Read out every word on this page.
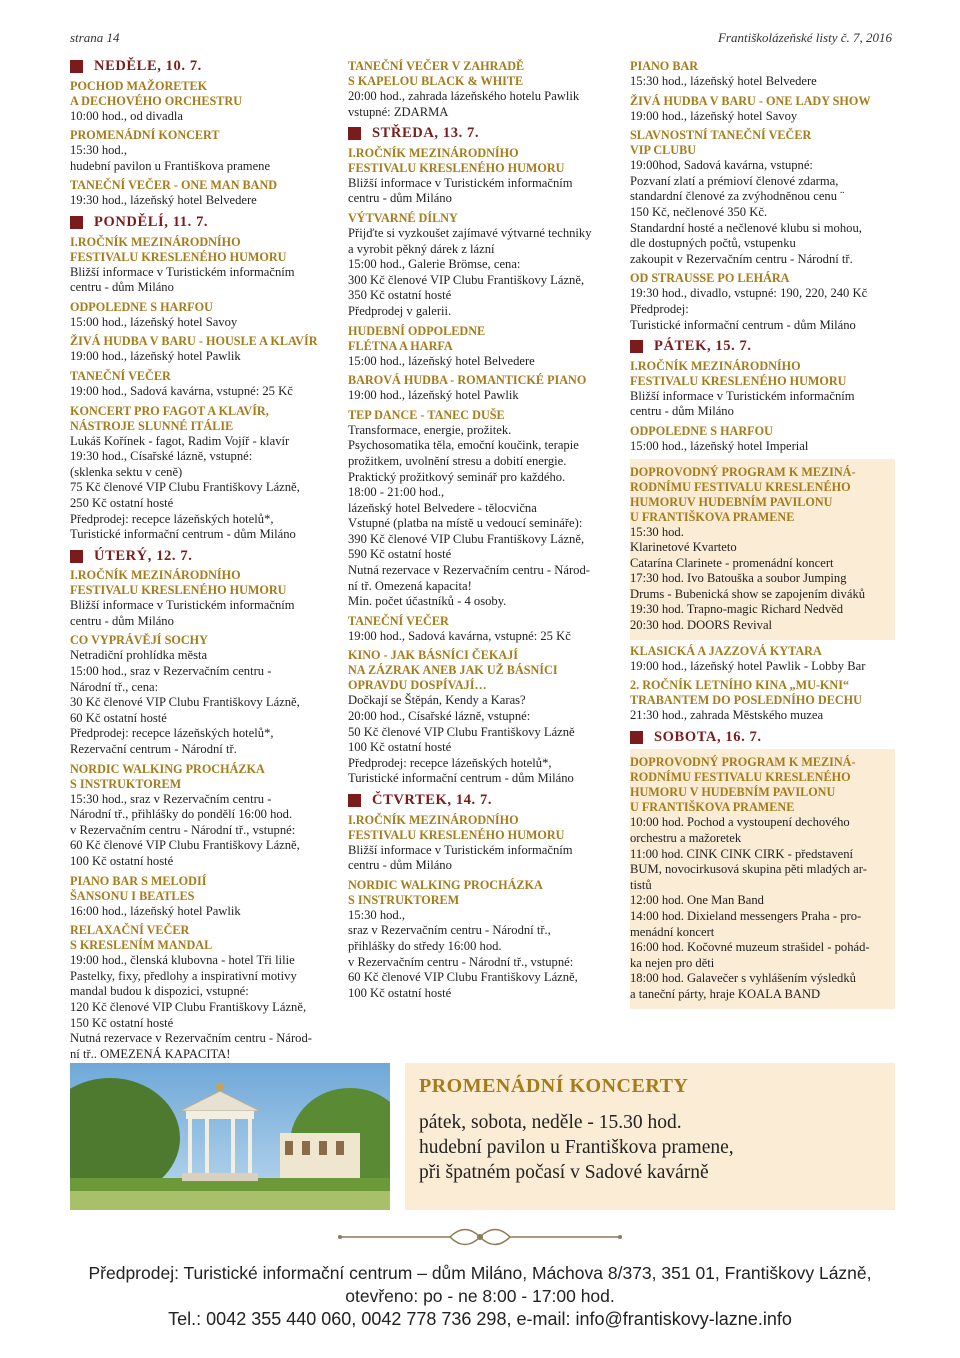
strana 14	Františkolázeňské listy č. 7, 2016
NEDĚLE, 10. 7.
POCHOD MAŽORETEK
A DECHOVÉHO ORCHESTRU
10:00 hod., od divadla
PROMENÁDNÍ KONCERT
15:30 hod.,
hudební pavilon u Františkova pramene
TANEČNÍ VEČER - ONE MAN BAND
19:30 hod., lázeňský hotel Belvedere
PONDĚLÍ, 11. 7.
I.ROČNÍK MEZINÁRODNÍHO
FESTIVALU KRESLENÉHO HUMORU
Bližší informace v Turistickém informačním
centru - dům Miláno
ODPOLEDNE S HARFOU
15:00 hod., lázeňský hotel Savoy
ŽIVÁ HUDBA V BARU - HOUSLE A KLAVÍR
19:00 hod., lázeňský hotel Pawlik
TANEČNÍ VEČER
19:00 hod., Sadová kavárna, vstupné: 25 Kč
KONCERT PRO FAGOT A KLAVÍR,
NÁSTROJE SLUNNÉ ITÁLIE
Lukáš Kořínek - fagot, Radim Vojíř - klavír
19:30 hod., Císařské lázně, vstupné:
(sklenka sektu v ceně)
75 Kč členové VIP Clubu Františkovy Lázně,
250 Kč ostatní hosté
Předprodej: recepce lázeňských hotelů*,
Turistické informační centrum - dům Miláno
ÚTERÝ, 12. 7.
I.ROČNÍK MEZINÁRODNÍHO
FESTIVALU KRESLENÉHO HUMORU
Bližší informace v Turistickém informačním
centru - dům Miláno
CO VYPRÁVĚJÍ SOCHY
Netradiční prohlídka města
15:00 hod., sraz v Rezervačním centru -
Národní tř., cena:
30 Kč členové VIP Clubu Františkovy Lázně,
60 Kč ostatní hosté
Předprodej: recepce lázeňských hotelů*,
Rezervační centrum - Národní tř.
NORDIC WALKING PROCHÁZKA
S INSTRUKTOREM
15:30 hod., sraz v Rezervačním centru -
Národní tř., přihlášky do pondělí 16:00 hod.
v Rezervačním centru - Národní tř., vstupné:
60 Kč členové VIP Clubu Františkovy Lázně,
100 Kč ostatní hosté
PIANO BAR S MELODIÍ
ŠANSONU I BEATLES
16:00 hod., lázeňský hotel Pawlik
RELAXAČNÍ VEČER
S KRESLENÍM MANDAL
19:00 hod., členská klubovna - hotel Tři lilie
Pastelky, fixy, předlohy a inspirativní motivy
mandal budou k dispozici, vstupné:
120 Kč členové VIP Clubu Františkovy Lázně,
150 Kč ostatní hosté
Nutná rezervace v Rezervačním centru - Národ-
ní tř.. OMEZENÁ KAPACITA!
TANEČNÍ VEČER V ZAHRADĚ
S KAPELOU BLACK & WHITE
20:00 hod., zahrada lázeňského hotelu Pawlik
vstupné: ZDARMA
STŘEDA, 13. 7.
I.ROČNÍK MEZINÁRODNÍHO
FESTIVALU KRESLENÉHO HUMORU
Bližší informace v Turistickém informačním
centru - dům Miláno
VÝTVARNÉ DÍLNY
Přijďte si vyzkoušet zajímavé výtvarné techniky
a vyrobit pěkný dárek z lázní
15:00 hod., Galerie Brömse, cena:
300 Kč členové VIP Clubu Františkovy Lázně,
350 Kč ostatní hosté
Předprodej v galerii.
HUDEBNÍ ODPOLEDNE
FLÉTNA A HARFA
15:00 hod., lázeňský hotel Belvedere
BAROVÁ HUDBA - ROMANTICKÉ PIANO
19:00 hod., lázeňský hotel Pawlik
TEP DANCE - TANEC DUŠE
Transformace, energie, prožitek.
Psychosomatika těla, emoční koučink, terapie
prožitkem, uvolnění stresu a dobití energie.
Praktický prožitkový seminář pro každého.
18:00 - 21:00 hod.,
lázeňský hotel Belvedere - tělocvična
Vstupné (platba na místě u vedoucí semináře):
390 Kč členové VIP Clubu Františkovy Lázně,
590 Kč ostatní hosté
Nutná rezervace v Rezervačním centru - Národ-
ní tř. Omezená kapacita!
Min. počet účastníků - 4 osoby.
TANEČNÍ VEČER
19:00 hod., Sadová kavárna, vstupné: 25 Kč
KINO - JAK BÁSNÍCI ČEKAJÍ
NA ZÁZRAK ANEB JAK UŽ BÁSNÍCI
OPRAVDU DOSPÍVAJÍ…
Dočkají se Štěpán, Kendy a Karas?
20:00 hod., Císařské lázně, vstupné:
50 Kč členové VIP Clubu Františkovy Lázně
100 Kč ostatní hosté
Předprodej: recepce lázeňských hotelů*,
Turistické informační centrum - dům Miláno
ČTVRTEK, 14. 7.
I.ROČNÍK MEZINÁRODNÍHO
FESTIVALU KRESLENÉHO HUMORU
Bližší informace v Turistickém informačním
centru - dům Miláno
NORDIC WALKING PROCHÁZKA
S INSTRUKTOREM
15:30 hod.,
sraz v Rezervačním centru - Národní tř.,
přihlášky do středy 16:00 hod.
v Rezervačním centru - Národní tř., vstupné:
60 Kč členové VIP Clubu Františkovy Lázně,
100 Kč ostatní hosté
PIANO BAR
15:30 hod., lázeňský hotel Belvedere
ŽIVÁ HUDBA V BARU - ONE LADY SHOW
19:00 hod., lázeňský hotel Savoy
SLAVNOSTNÍ TANEČNÍ VEČER
VIP CLUBU
19:00hod, Sadová kavárna, vstupné:
Pozvaní zlatí a prémioví členové zdarma,
standardní členové za zvýhodněnou cenu ¨
150 Kč, nečlenové 350 Kč.
Standardní hosté a nečlenové klubu si mohou,
dle dostupných počtů, vstupenku
zakoupit v Rezervačním centru - Národní tř.
OD STRAUSSE PO LEHÁRA
19:30 hod., divadlo, vstupné: 190, 220, 240 Kč
Předprodej:
Turistické informační centrum - dům Miláno
PÁTEK, 15. 7.
I.ROČNÍK MEZINÁRODNÍHO
FESTIVALU KRESLENÉHO HUMORU
Bližší informace v Turistickém informačním
centru - dům Miláno
ODPOLEDNE S HARFOU
15:00 hod., lázeňský hotel Imperial
DOPROVODNÝ PROGRAM K MEZINÁ-
RODNÍMU FESTIVALU KRESLENÉHO
HUMORUV HUDEBNÍM PAVILONU
U FRANTIŠKOVA PRAMENE
15:30 hod.
Klarinetové Kvarteto
Catarína Clarinete - promenádní koncert
17:30 hod. Ivo Batouška a soubor Jumping
Drums - Bubenická show se zapojením diváků
19:30 hod. Trapno-magic Richard Nedvěd
20:30 hod. DOORS Revival
KLASICKÁ A JAZZOVÁ KYTARA
19:00 hod., lázeňský hotel Pawlik - Lobby Bar
2. ROČNÍK LETNÍHO KINA „MU-KNI“
TRABANTEM DO POSLEDNÍHO DECHU
21:30 hod., zahrada Městského muzea
SOBOTA, 16. 7.
DOPROVODNÝ PROGRAM K MEZINÁ-
RODNÍMU FESTIVALU KRESLENÉHO
HUMORU V HUDEBNÍM PAVILONU
U FRANTIŠKOVA PRAMENE
10:00 hod. Pochod a vystoupení dechového
orchestru a mažoretek
11:00 hod. CINK CINK CIRK - představení
BUM, novocirkusová skupina pěti mladých ar-
tistů
12:00 hod. One Man Band
14:00 hod. Dixieland messengers Praha - pro-
menádní koncert
16:00 hod. Kočovné muzeum strašidel - pohád-
ka nejen pro děti
18:00 hod. Galavečer s vyhlášením výsledků
a taneční párty, hraje KOALA BAND
PROMENÁDNÍ KONCERTY
pátek, sobota, neděle - 15.30 hod.
hudební pavilon u Františkova pramene,
při špatném počasí v Sadové kavárně
Předprodej: Turistické informační centrum – dům Miláno, Máchova 8/373, 351 01, Františkovy Lázně,
otevřeno: po - ne 8:00 - 17:00 hod.
Tel.: 0042 355 440 060, 0042 778 736 298, e-mail: info@frantiskovy-lazne.info
